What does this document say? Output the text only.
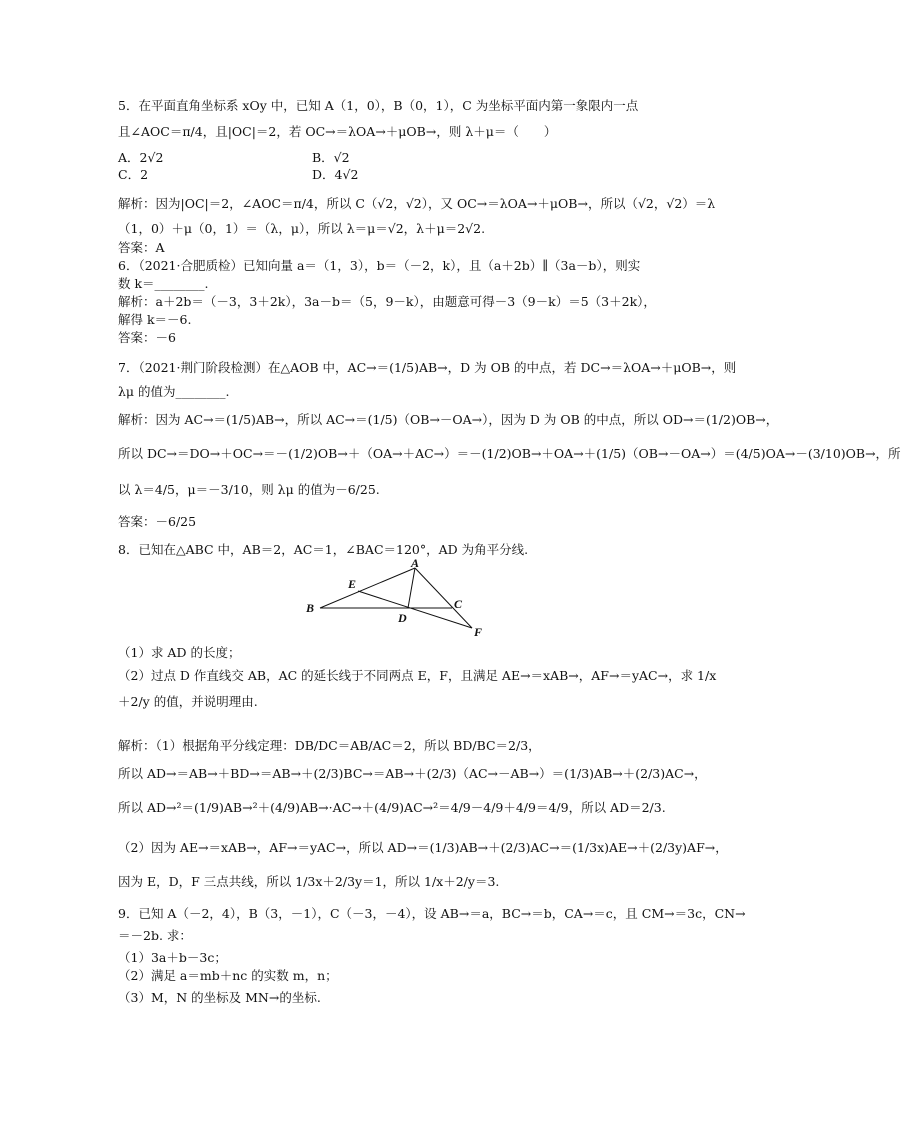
5．在平面直角坐标系 xOy 中，已知 A（1，0），B（0，1），C 为坐标平面内第一象限内一点
且∠AOC＝π/4，且|OC|＝2，若 OC→＝λOA→＋μOB→，则 λ＋μ＝（　　）
A．2√2	B．√2
C．2	D．4√2
解析：因为|OC|＝2，∠AOC＝π/4，所以 C（√2，√2），又 OC→＝λOA→＋μOB→，所以（√2，√2）＝λ
（1，0）＋μ（0，1）＝（λ，μ），所以 λ＝μ＝√2，λ＋μ＝2√2.
答案：A
6．（2021·合肥质检）已知向量 a＝（1，3），b＝（－2，k），且（a＋2b）∥（3a－b），则实
数 k＝________.
解析：a＋2b＝（－3，3＋2k），3a－b＝（5，9－k），由题意可得－3（9－k）＝5（3＋2k），
解得 k＝－6.
答案：－6
7．（2021·荆门阶段检测）在△AOB 中，AC→＝(1/5)AB→，D 为 OB 的中点，若 DC→＝λOA→＋μOB→，则
λμ 的值为________.
解析：因为 AC→＝(1/5)AB→，所以 AC→＝(1/5)（OB→－OA→），因为 D 为 OB 的中点，所以 OD→＝(1/2)OB→，
所以 DC→＝DO→＋OC→＝－(1/2)OB→＋（OA→＋AC→）＝－(1/2)OB→＋OA→＋(1/5)（OB→－OA→）＝(4/5)OA→－(3/10)OB→，所
以 λ＝4/5，μ＝－3/10，则 λμ 的值为－6/25.
答案：－6/25
8．已知在△ABC 中，AB＝2，AC＝1，∠BAC＝120°，AD 为角平分线.
B
A
E
C
D
F
（1）求 AD 的长度；
（2）过点 D 作直线交 AB，AC 的延长线于不同两点 E，F，且满足 AE→＝xAB→，AF→＝yAC→，求 1/x
＋2/y 的值，并说明理由.
解析：（1）根据角平分线定理：DB/DC＝AB/AC＝2，所以 BD/BC＝2/3，
所以 AD→＝AB→＋BD→＝AB→＋(2/3)BC→＝AB→＋(2/3)（AC→－AB→）＝(1/3)AB→＋(2/3)AC→，
所以 AD→²＝(1/9)AB→²＋(4/9)AB→·AC→＋(4/9)AC→²＝4/9－4/9＋4/9＝4/9，所以 AD＝2/3.
（2）因为 AE→＝xAB→，AF→＝yAC→，所以 AD→＝(1/3)AB→＋(2/3)AC→＝(1/3x)AE→＋(2/3y)AF→，
因为 E，D，F 三点共线，所以 1/3x＋2/3y＝1，所以 1/x＋2/y＝3.
9．已知 A（－2，4），B（3，－1），C（－3，－4），设 AB→＝a，BC→＝b，CA→＝c，且 CM→＝3c，CN→
＝－2b. 求：
（1）3a＋b－3c；
（2）满足 a＝mb＋nc 的实数 m，n；
（3）M，N 的坐标及 MN→的坐标.
